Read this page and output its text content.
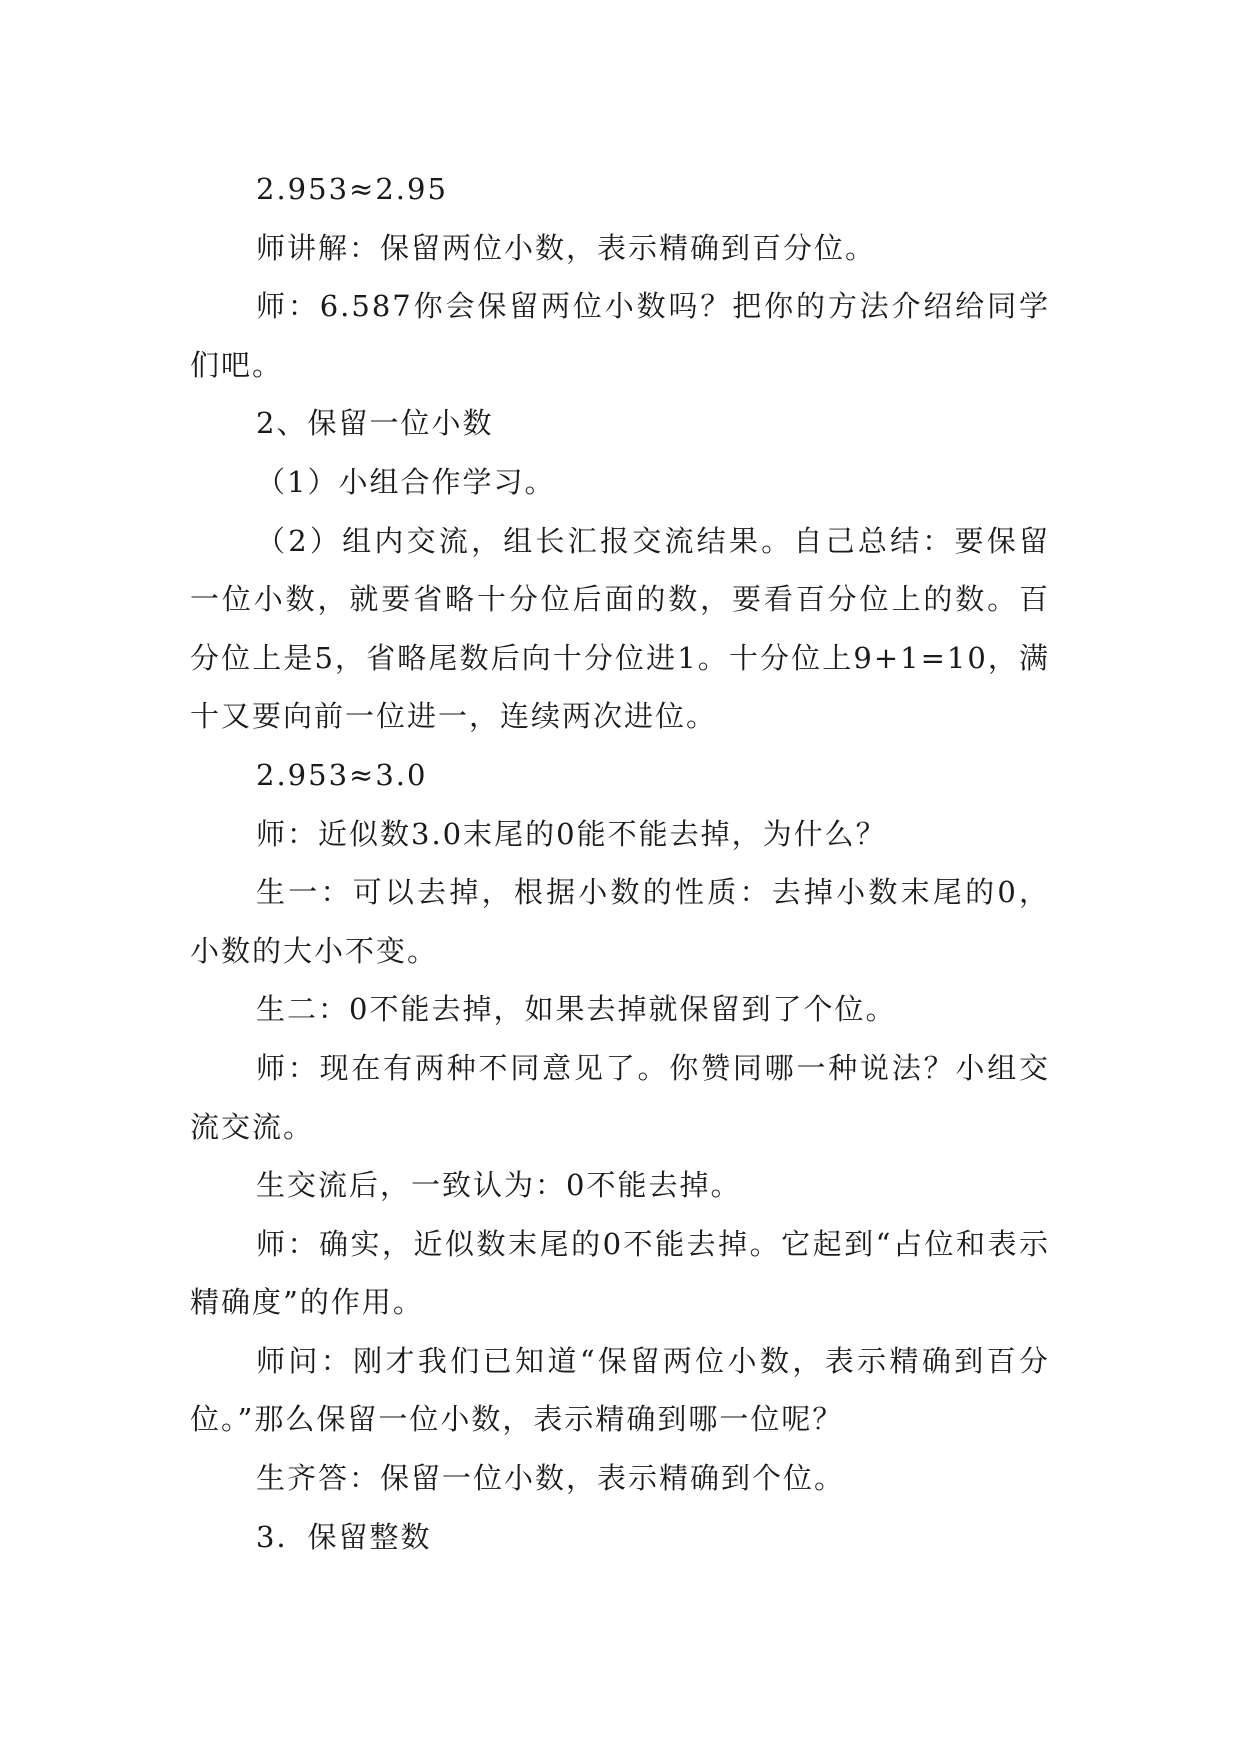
2.953≈2.95

师讲解：保留两位小数，表示精确到百分位。

师：6.587你会保留两位小数吗？把你的方法介绍给同学们吧。

2、保留一位小数

（1）小组合作学习。

（2）组内交流，组长汇报交流结果。自己总结：要保留一位小数，就要省略十分位后面的数，要看百分位上的数。百分位上是5，省略尾数后向十分位进1。十分位上9+1=10，满十又要向前一位进一，连续两次进位。

2.953≈3.0

师：近似数3.0末尾的0能不能去掉，为什么？

生一：可以去掉，根据小数的性质：去掉小数末尾的0，小数的大小不变。

生二：0不能去掉，如果去掉就保留到了个位。

师：现在有两种不同意见了。你赞同哪一种说法？小组交流交流。

生交流后，一致认为：0不能去掉。

师：确实，近似数末尾的0不能去掉。它起到“占位和表示精确度”的作用。

师问：刚才我们已知道“保留两位小数，表示精确到百分位。”那么保留一位小数，表示精确到哪一位呢？

生齐答：保留一位小数，表示精确到个位。

3．保留整数
